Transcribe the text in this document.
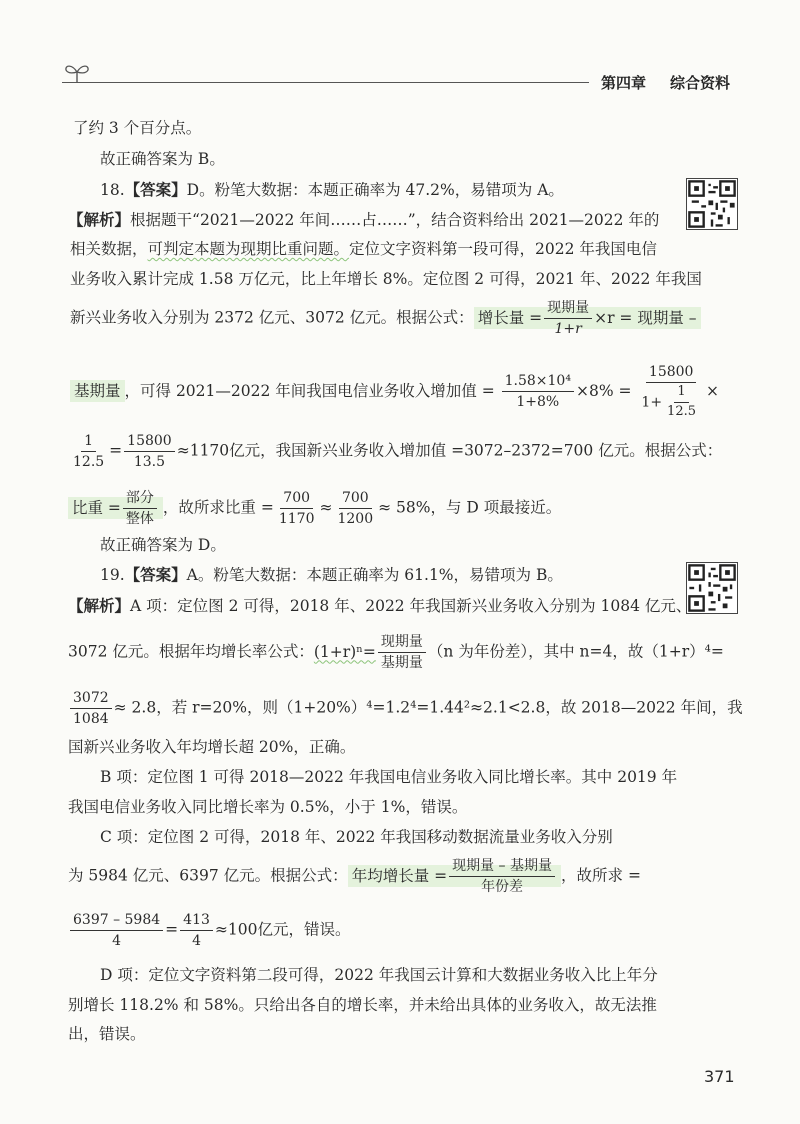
第四章 综合资料
了约 3 个百分点。
故正确答案为 B。
18.【答案】D。粉笔大数据：本题正确率为 47.2%，易错项为 A。
【解析】根据题干“2021—2022 年间……占……”，结合资料给出 2021—2022 年的
相关数据，可判定本题为现期比重问题。定位文字资料第一段可得，2022 年我国电信
业务收入累计完成 1.58 万亿元，比上年增长 8%。定位图 2 可得，2021 年、2022 年我国
新兴业务收入分别为 2372 亿元、3072 亿元。根据公式： 增长量 = $\frac{\text{现期量}}{1+r} \times r$ = 现期量 –
基期量 ，可得 2021—2022 年间我国电信业务收入增加值 = $\frac{\text{1.58×10⁴}}{1+8\%} \times 8\% = \frac{15800}{1+ \frac{1}{12.5}}$ ×
$\frac{1}{12.5} = \frac{15800}{13.5} \approx 1170$亿元，我国新兴业务收入增加值 =3072–2372=700 亿元。根据公式：
比重 = $\frac{\text{部分}}{\text{整体}}$ ，故所求比重 = $\frac{700}{1170} \approx \frac{700}{1200} \approx 58\%$，与 D 项最接近。
故正确答案为 D。
19.【答案】A。粉笔大数据：本题正确率为 61.1%，易错项为 B。
【解析】A 项：定位图 2 可得，2018 年、2022 年我国新兴业务收入分别为 1084 亿元、
3072 亿元。根据年均增长率公式：$(1+r)^n= \frac{\text{现期量}}{\text{基期量}} (n$ 为年份差），其中 n=4，故（1+r）⁴=
$\frac{3072}{1084} \approx 2.8$，若 r=20%，则（1+20%）⁴=1.2⁴=1.44²≈2.1<2.8，故 2018—2022 年间，我
国新兴业务收入年均增长超 20%，正确。
B 项：定位图 1 可得 2018—2022 年我国电信业务收入同比增长率。其中 2019 年
我国电信业务收入同比增长率为 0.5%，小于 1%，错误。
C 项：定位图 2 可得，2018 年、2022 年我国移动数据流量业务收入分别
为 5984 亿元、6397 亿元。根据公式： 年均增长量 = $\frac{\text{现期量 – 基期量}}{\text{年份差}}$ ，故所求 =
$\frac{6397 - 5984}{4} = \frac{413}{4} \approx 100$亿元，错误。
D 项：定位文字资料第二段可得，2022 年我国云计算和大数据业务收入比上年分
别增长 118.2% 和 58%。只给出各自的增长率，并未给出具体的业务收入，故无法推
出，错误。
371
